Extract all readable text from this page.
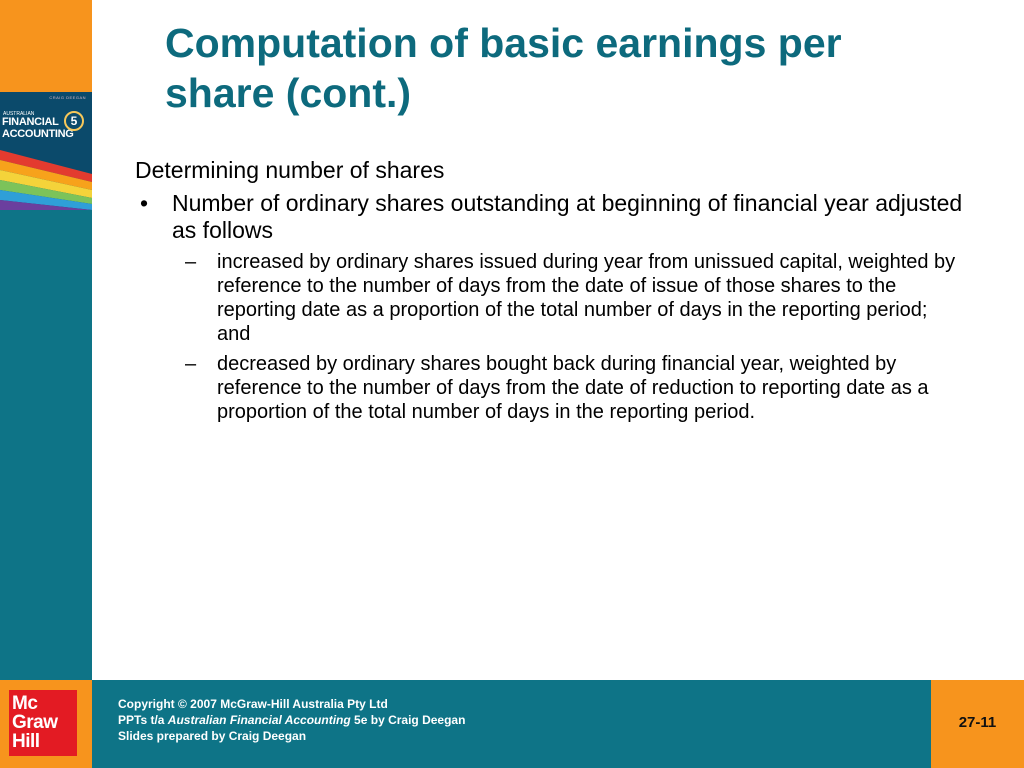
CRAIG DEEGAN
AUSTRALIAN
FINANCIAL
ACCOUNTING
5
Computation of basic earnings per share (cont.)

Determining number of shares

• Number of ordinary shares outstanding at beginning of financial year adjusted as follows
– increased by ordinary shares issued during year from unissued capital, weighted by reference to the number of days from the date of issue of those shares to the reporting date as a proportion of the total number of days in the reporting period; and
– decreased by ordinary shares bought back during financial year, weighted by reference to the number of days from the date of reduction to reporting date as a proportion of the total number of days in the reporting period.
Mc
Graw
Hill
Copyright © 2007 McGraw-Hill Australia Pty Ltd
PPTs t/a Australian Financial Accounting 5e by Craig Deegan
Slides prepared by Craig Deegan
27-11
